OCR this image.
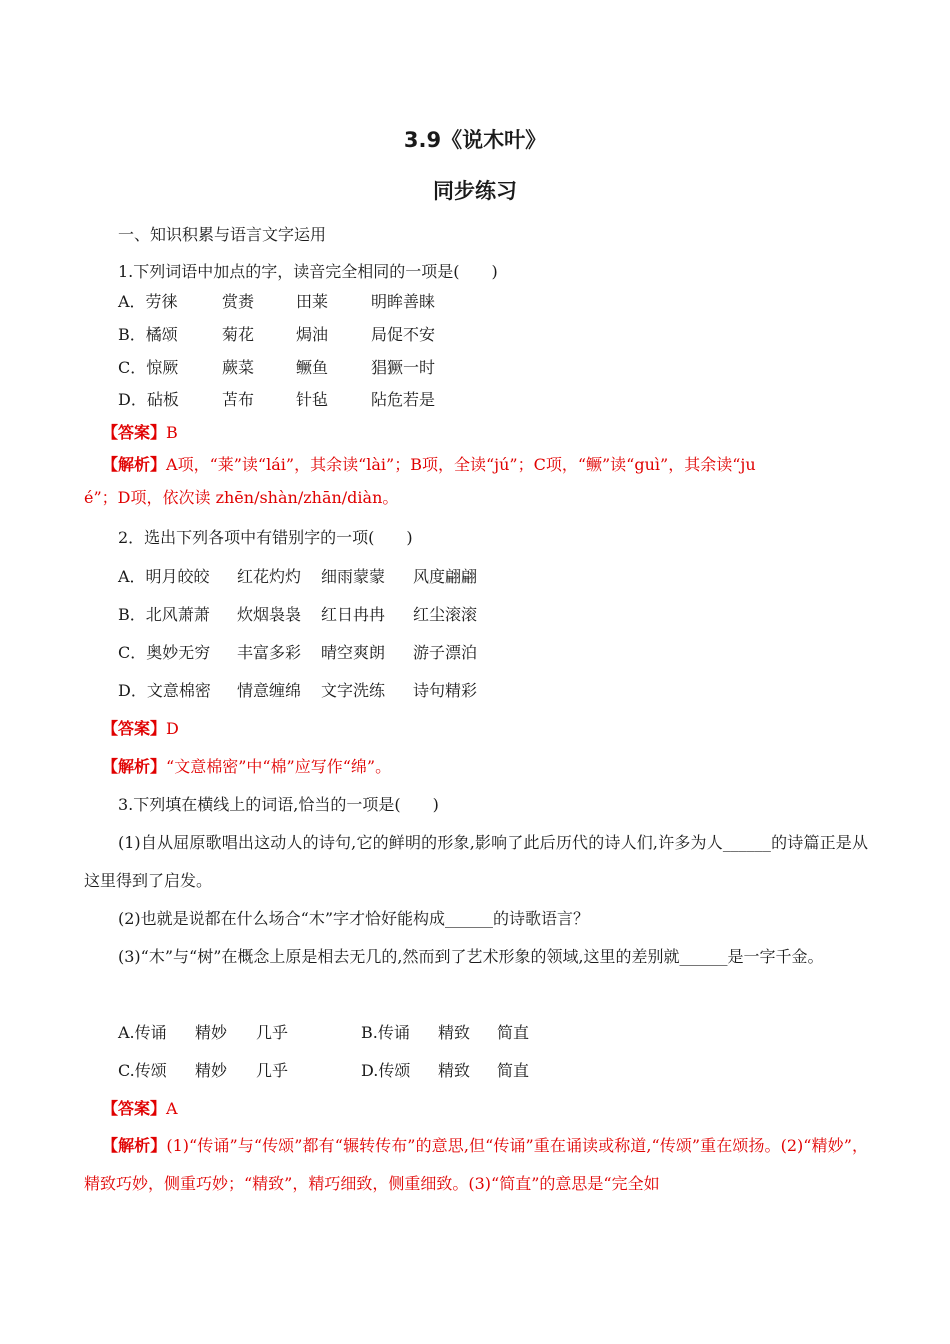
3.9《说木叶》
同步练习
一、知识积累与语言文字运用
1.下列词语中加点的字，读音完全相同的一项是(　　)
A．劳徕	赏赉	田莱	明眸善睐
B．橘颂	菊花	焗油	局促不安
C．惊厥	蕨菜	鳜鱼	猖獗一时
D．砧板	苫布	针毡	阽危若是
【答案】B
【解析】A项，“莱”读“lái”，其余读“lài”；B项，全读“jú”；C项，“鳜”读“guì”，其余读“ju
é”；D项，依次读 zhēn/shàn/zhān/diàn。
2．选出下列各项中有错别字的一项(　　)
A．明月皎皎 红花灼灼 细雨蒙蒙 风度翩翩
B．北风萧萧 炊烟袅袅 红日冉冉 红尘滚滚
C．奥妙无穷 丰富多彩 晴空爽朗 游子漂泊
D．文意棉密 情意缠绵 文字洗练 诗句精彩
【答案】D
【解析】“文意棉密”中“棉”应写作“绵”。
3.下列填在横线上的词语,恰当的一项是(　　)
(1)自从屈原歌唱出这动人的诗句,它的鲜明的形象,影响了此后历代的诗人们,许多为人______的诗篇正是从这里得到了启发。
(2)也就是说都在什么场合“木”字才恰好能构成______的诗歌语言？
(3)“木”与“树”在概念上原是相去无几的,然而到了艺术形象的领域,这里的差别就______是一字千金。
A.传诵 精妙 几乎	B.传诵 精致 简直
C.传颂 精妙 几乎	D.传颂 精致 简直
【答案】A
【解析】(1)“传诵”与“传颂”都有“辗转传布”的意思,但“传诵”重在诵读或称道,“传颂”重在颂扬。(2)“精妙”，精致巧妙，侧重巧妙；“精致”，精巧细致，侧重细致。(3)“简直”的意思是“完全如
